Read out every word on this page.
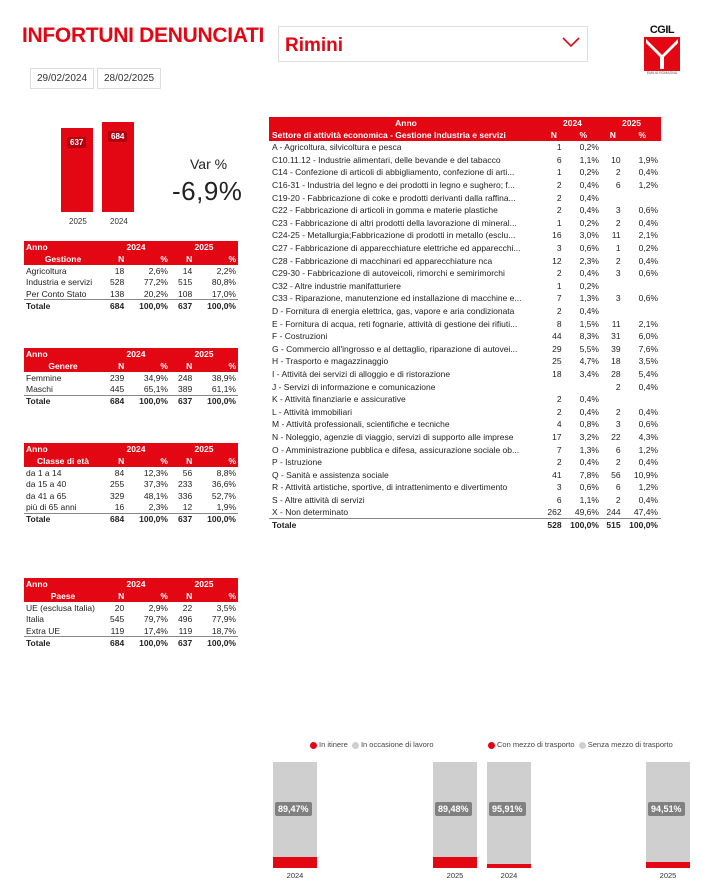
INFORTUNI DENUNCIATI Rimini
29/02/2024	28/02/2025
CGIL
EMILIA ROMAGNA
637
2025
684
2024
Var %
-6,9%
Anno	2024		2025	
Gestione	N	%	N	%
Agricoltura	18	2,6%	14	2,2%
Industria e servizi	528	77,2%	515	80,8%
Per Conto Stato	138	20,2%	108	17,0%
Totale	684	100,0%	637	100,0%
Anno	2024		2025	
Genere	N	%	N	%
Femmine	239	34,9%	248	38,9%
Maschi	445	65,1%	389	61,1%
Totale	684	100,0%	637	100,0%
Anno	2024		2025	
Classe di età	N	%	N	%
da 1 a 14	84	12,3%	56	8,8%
da 15 a 40	255	37,3%	233	36,6%
da 41 a 65	329	48,1%	336	52,7%
più di 65 anni	16	2,3%	12	1,9%
Totale	684	100,0%	637	100,0%
Anno	2024		2025	
Paese	N	%	N	%
UE (esclusa Italia)	20	2,9%	22	3,5%
Italia	545	79,7%	496	77,9%
Extra UE	119	17,4%	119	18,7%
Totale	684	100,0%	637	100,0%
Anno	2024		2025	
Settore di attività economica - Gestione Industria e servizi	N	%	N	%
A - Agricoltura, silvicoltura e pesca	1	0,2%		
C10.11.12 - Industrie alimentari, delle bevande e del tabacco	6	1,1%	10	1,9%
C14 - Confezione di articoli di abbigliamento, confezione di arti...	1	0,2%	2	0,4%
C16-31 - Industria del legno e dei prodotti in legno e sughero; f...	2	0,4%	6	1,2%
C19-20 - Fabbricazione di coke e prodotti derivanti dalla raffina...	2	0,4%		
C22 - Fabbricazione di articoli in gomma e materie plastiche	2	0,4%	3	0,6%
C23 - Fabbricazione di altri prodotti della lavorazione di mineral...	1	0,2%	2	0,4%
C24-25 - Metallurgia;Fabbricazione di prodotti in metallo (esclu...	16	3,0%	11	2,1%
C27 - Fabbricazione di apparecchiature elettriche ed apparecchi...	3	0,6%	1	0,2%
C28 - Fabbricazione di macchinari ed apparecchiature nca	12	2,3%	2	0,4%
C29-30 - Fabbricazione di autoveicoli, rimorchi e semirimorchi	2	0,4%	3	0,6%
C32 - Altre industrie manifatturiere	1	0,2%		
C33 - Riparazione, manutenzione ed installazione di macchine e...	7	1,3%	3	0,6%
D - Fornitura di energia elettrica, gas, vapore e aria condizionata	2	0,4%		
E - Fornitura di acqua, reti fognarie, attività di gestione dei rifiuti...	8	1,5%	11	2,1%
F - Costruzioni	44	8,3%	31	6,0%
G - Commercio all'ingrosso e al dettaglio, riparazione di autovei...	29	5,5%	39	7,6%
H - Trasporto e magazzinaggio	25	4,7%	18	3,5%
I - Attività dei servizi di alloggio e di ristorazione	18	3,4%	28	5,4%
J - Servizi di informazione e comunicazione			2	0,4%
K - Attività finanziarie e assicurative	2	0,4%		
L - Attività immobiliari	2	0,4%	2	0,4%
M - Attività professionali, scientifiche e tecniche	4	0,8%	3	0,6%
N - Noleggio, agenzie di viaggio, servizi di supporto alle imprese	17	3,2%	22	4,3%
O - Amministrazione pubblica e difesa, assicurazione sociale ob...	7	1,3%	6	1,2%
P - Istruzione	2	0,4%	2	0,4%
Q - Sanità e assistenza sociale	41	7,8%	56	10,9%
R - Attività artistiche, sportive, di intrattenimento e divertimento	3	0,6%	6	1,2%
S - Altre attività di servizi	6	1,1%	2	0,4%
X - Non determinato	262	49,6%	244	47,4%
Totale	528	100,0%	515	100,0%
In itinere In occasione di lavoro	Con mezzo di trasporto Senza mezzo di trasporto
89,47%
2024
89,48%
2025
95,91%
2024
94,51%
2025
